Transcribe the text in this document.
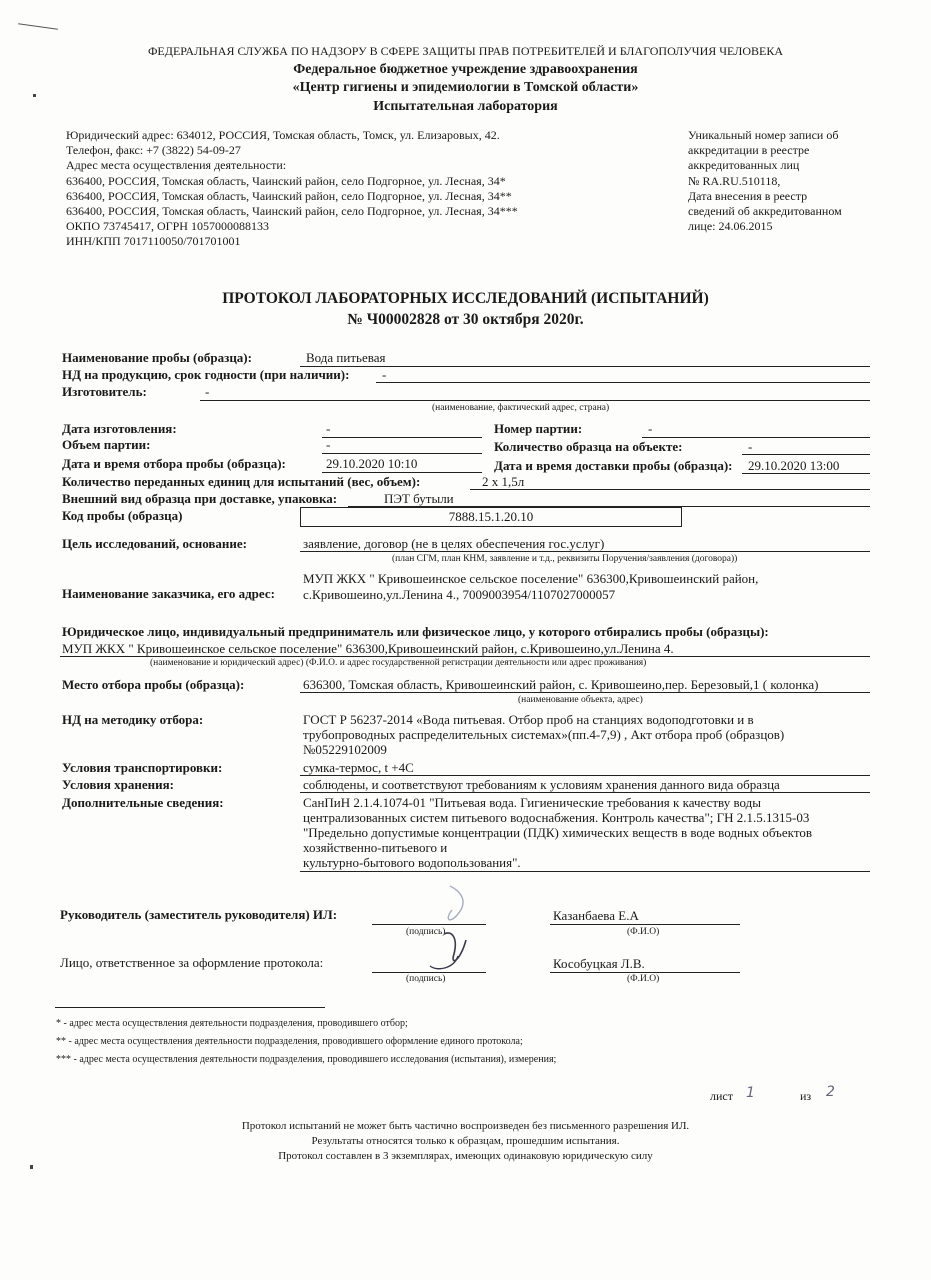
ФЕДЕРАЛЬНАЯ СЛУЖБА ПО НАДЗОРУ В СФЕРЕ ЗАЩИТЫ ПРАВ ПОТРЕБИТЕЛЕЙ И БЛАГОПОЛУЧИЯ ЧЕЛОВЕКА
Федеральное бюджетное учреждение здравоохранения
«Центр гигиены и эпидемиологии в Томской области»
Испытательная лаборатория
Юридический адрес: 634012, РОССИЯ, Томская область, Томск, ул. Елизаровых, 42.
Телефон, факс: +7 (3822) 54-09-27
Адрес места осуществления деятельности:
636400, РОССИЯ, Томская область, Чаинский район, село Подгорное, ул. Лесная, 34*
636400, РОССИЯ, Томская область, Чаинский район, село Подгорное, ул. Лесная, 34**
636400, РОССИЯ, Томская область, Чаинский район, село Подгорное, ул. Лесная, 34***
ОКПО 73745417, ОГРН 1057000088133
ИНН/КПП 7017110050/701701001
Уникальный номер записи об
аккредитации в реестре
аккредитованных лиц
№ RA.RU.510118,
Дата внесения в реестр
сведений об аккредитованном
лице: 24.06.2015
ПРОТОКОЛ ЛАБОРАТОРНЫХ ИССЛЕДОВАНИЙ (ИСПЫТАНИЙ)
№ Ч00002828 от 30 октября 2020г.
Наименование пробы (образца):	Вода питьевая
НД на продукцию, срок годности (при наличии):	-
Изготовитель:	-
(наименование, фактический адрес, страна)
Дата изготовления:	-	Номер партии:	-
Объем партии:	-	Количество образца на объекте:	-
Дата и время отбора пробы (образца):	29.10.2020 10:10	Дата и время доставки пробы (образца): 29.10.2020 13:00
Количество переданных единиц для испытаний (вес, объем):	2 х 1,5л
Внешний вид образца при доставке, упаковка:	ПЭТ бутыли
Код пробы (образца)	7888.15.1.20.10
Цель исследований, основание:	заявление, договор (не в целях обеспечения гос.услуг)
(план СГМ, план КНМ, заявление и т.д., реквизиты Поручения/заявления (договора))
Наименование заказчика, его адрес:
МУП ЖКХ " Кривошеинское сельское поселение" 636300,Кривошеинский район,
с.Кривошеино,ул.Ленина 4., 7009003954/1107027000057
Юридическое лицо, индивидуальный предприниматель или физическое лицо, у которого отбирались пробы (образцы):
МУП ЖКХ " Кривошеинское сельское поселение" 636300,Кривошеинский район, с.Кривошеино,ул.Ленина 4.
(наименование и юридический адрес) (Ф.И.О. и адрес государственной регистрации деятельности или адрес проживания)
Место отбора пробы (образца):	636300, Томская область, Кривошеинский район, с. Кривошеино,пер. Березовый,1 ( колонка)
(наименование объекта, адрес)
НД на методику отбора:	ГОСТ Р 56237-2014 «Вода питьевая. Отбор проб на станциях водоподготовки и в
трубопроводных распределительных системах»(пп.4-7,9) , Акт отбора проб (образцов)
№05229102009
Условия транспортировки:	сумка-термос, t +4С
Условия хранения:	соблюдены, и соответствуют требованиям к условиям хранения данного вида образца
Дополнительные сведения:	СанПиН 2.1.4.1074-01 "Питьевая вода. Гигиенические требования к качеству воды
централизованных систем питьевого водоснабжения. Контроль качества"; ГН 2.1.5.1315-03
"Предельно допустимые концентрации (ПДК) химических веществ в воде водных объектов
хозяйственно-питьевого и
культурно-бытового водопользования".
Руководитель (заместитель руководителя) ИЛ:
(подпись)
Казанбаева Е.А
(Ф.И.О)
Лицо, ответственное за оформление протокола:
(подпись)
Кособуцкая Л.В.
(Ф.И.О)
* - адрес места осуществления деятельности подразделения, проводившего отбор;
** - адрес места осуществления деятельности подразделения, проводившего оформление единого протокола;
*** - адрес места осуществления деятельности подразделения, проводившего исследования (испытания), измерения;
лист 1	из 2
Протокол испытаний не может быть частично воспроизведен без письменного разрешения ИЛ.
Результаты относятся только к образцам, прошедшим испытания.
Протокол составлен в 3 экземплярах, имеющих одинаковую юридическую силу
